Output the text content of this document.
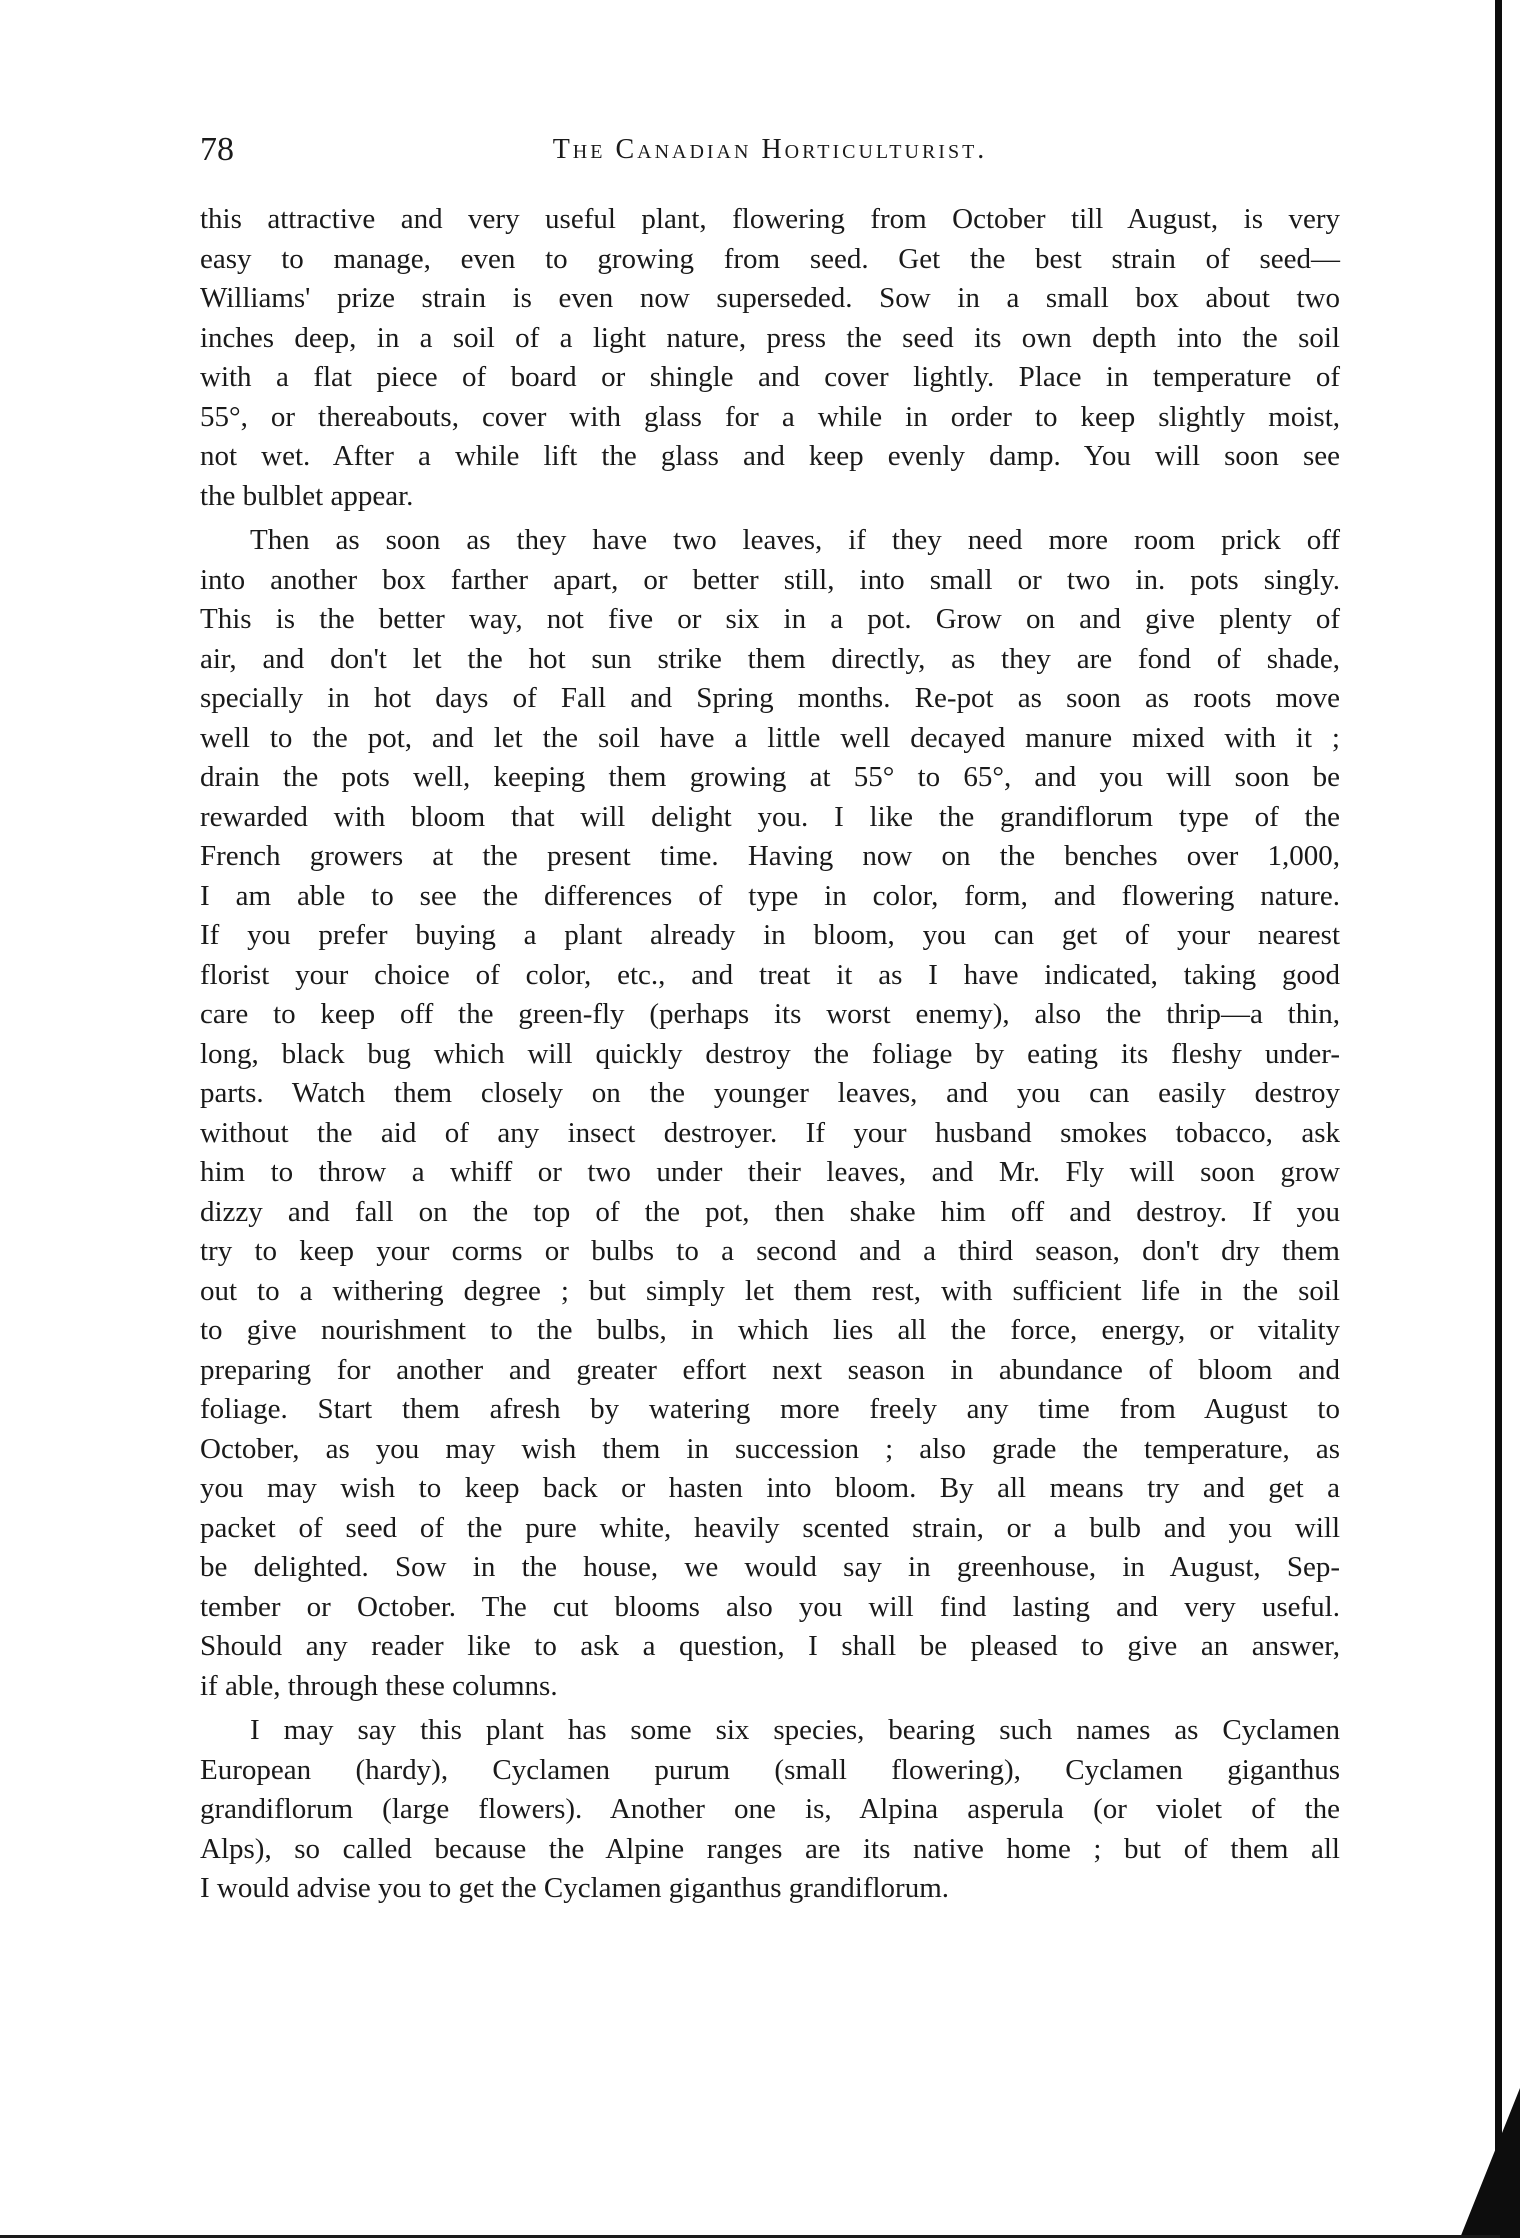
78	The Canadian Horticulturist.
this attractive and very useful plant, flowering from October till August, is very
easy to manage, even to growing from seed. Get the best strain of seed—
Williams' prize strain is even now superseded. Sow in a small box about two
inches deep, in a soil of a light nature, press the seed its own depth into the soil
with a flat piece of board or shingle and cover lightly. Place in temperature of
55°, or thereabouts, cover with glass for a while in order to keep slightly moist,
not wet. After a while lift the glass and keep evenly damp. You will soon see
the bulblet appear.
Then as soon as they have two leaves, if they need more room prick off
into another box farther apart, or better still, into small or two in. pots singly.
This is the better way, not five or six in a pot. Grow on and give plenty of
air, and don't let the hot sun strike them directly, as they are fond of shade,
specially in hot days of Fall and Spring months. Re-pot as soon as roots move
well to the pot, and let the soil have a little well decayed manure mixed with it ;
drain the pots well, keeping them growing at 55° to 65°, and you will soon be
rewarded with bloom that will delight you. I like the grandiflorum type of the
French growers at the present time. Having now on the benches over 1,000,
I am able to see the differences of type in color, form, and flowering nature.
If you prefer buying a plant already in bloom, you can get of your nearest
florist your choice of color, etc., and treat it as I have indicated, taking good
care to keep off the green-fly (perhaps its worst enemy), also the thrip—a thin,
long, black bug which will quickly destroy the foliage by eating its fleshy under-
parts. Watch them closely on the younger leaves, and you can easily destroy
without the aid of any insect destroyer. If your husband smokes tobacco, ask
him to throw a whiff or two under their leaves, and Mr. Fly will soon grow
dizzy and fall on the top of the pot, then shake him off and destroy. If you
try to keep your corms or bulbs to a second and a third season, don't dry them
out to a withering degree ; but simply let them rest, with sufficient life in the soil
to give nourishment to the bulbs, in which lies all the force, energy, or vitality
preparing for another and greater effort next season in abundance of bloom and
foliage. Start them afresh by watering more freely any time from August to
October, as you may wish them in succession ; also grade the temperature, as
you may wish to keep back or hasten into bloom. By all means try and get a
packet of seed of the pure white, heavily scented strain, or a bulb and you will
be delighted. Sow in the house, we would say in greenhouse, in August, Sep-
tember or October. The cut blooms also you will find lasting and very useful.
Should any reader like to ask a question, I shall be pleased to give an answer,
if able, through these columns.
I may say this plant has some six species, bearing such names as Cyclamen
European (hardy), Cyclamen purum (small flowering), Cyclamen giganthus
grandiflorum (large flowers). Another one is, Alpina asperula (or violet of the
Alps), so called because the Alpine ranges are its native home ; but of them all
I would advise you to get the Cyclamen giganthus grandiflorum.
